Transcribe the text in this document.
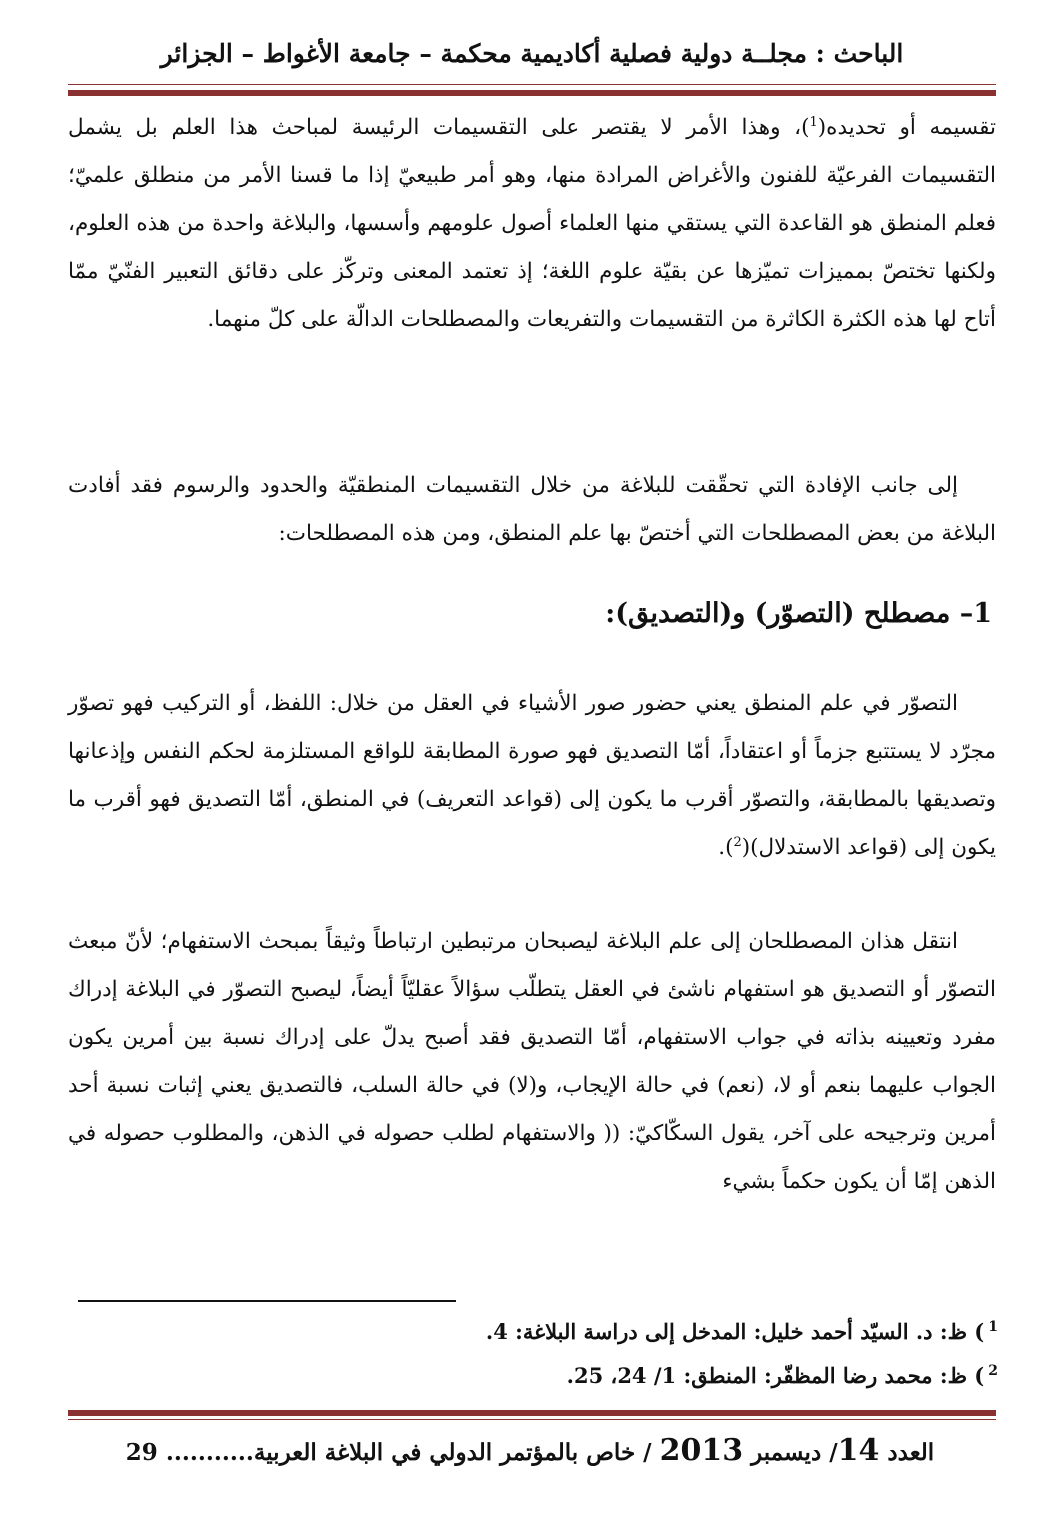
الباحث : مجلــة دولية فصلية أكاديمية محكمة – جامعة الأغواط – الجزائر

تقسيمه أو تحديده($^1$)، وهذا الأمر لا يقتصر على التقسيمات الرئيسة لمباحث هذا العلم بل يشمل التقسيمات الفرعيّة للفنون والأغراض المرادة منها، وهو أمر طبيعيّ إذا ما قسنا الأمر من منطلق علميّ؛ فعلم المنطق هو القاعدة التي يستقي منها العلماء أصول علومهم وأسسها، والبلاغة واحدة من هذه العلوم، ولكنها تختصّ بمميزات تميّزها عن بقيّة علوم اللغة؛ إذ تعتمد المعنى وتركّز على دقائق التعبير الفنّيّ ممّا أتاح لها هذه الكثرة الكاثرة من التقسيمات والتفريعات والمصطلحات الدالّة على كلّ منهما.

إلى جانب الإفادة التي تحقّقت للبلاغة من خلال التقسيمات المنطقيّة والحدود والرسوم فقد أفادت البلاغة من بعض المصطلحات التي أختصّ بها علم المنطق، ومن هذه المصطلحات:

1– مصطلح (التصوّر) و(التصديق):

التصوّر في علم المنطق يعني حضور صور الأشياء في العقل من خلال: اللفظ، أو التركيب فهو تصوّر مجرّد لا يستتبع جزماً أو اعتقاداً، أمّا التصديق فهو صورة المطابقة للواقع المستلزمة لحكم النفس وإذعانها وتصديقها بالمطابقة، والتصوّر أقرب ما يكون إلى (قواعد التعريف) في المنطق، أمّا التصديق فهو أقرب ما يكون إلى (قواعد الاستدلال)($^2$).

انتقل هذان المصطلحان إلى علم البلاغة ليصبحان مرتبطين ارتباطاً وثيقاً بمبحث الاستفهام؛ لأنّ مبعث التصوّر أو التصديق هو استفهام ناشئ في العقل يتطلّب سؤالاً عقليّاً أيضاً، ليصبح التصوّر في البلاغة إدراك مفرد وتعيينه بذاته في جواب الاستفهام، أمّا التصديق فقد أصبح يدلّ على إدراك نسبة بين أمرين يكون الجواب عليهما بنعم أو لا، (نعم) في حالة الإيجاب، و(لا) في حالة السلب، فالتصديق يعني إثبات نسبة أحد أمرين وترجيحه على آخر، يقول السكّاكيّ: (( والاستفهام لطلب حصوله في الذهن، والمطلوب حصوله في الذهن إمّا أن يكون حكماً بشيء

$^1$) ظ: د. السيّد أحمد خليل: المدخل إلى دراسة البلاغة: 4.
$^2$) ظ: محمد رضا المظفّر: المنطق: 1/ 24، 25.
العدد 14/ ديسمبر 2013 / خاص بالمؤتمر الدولي في البلاغة العربية........... 29
